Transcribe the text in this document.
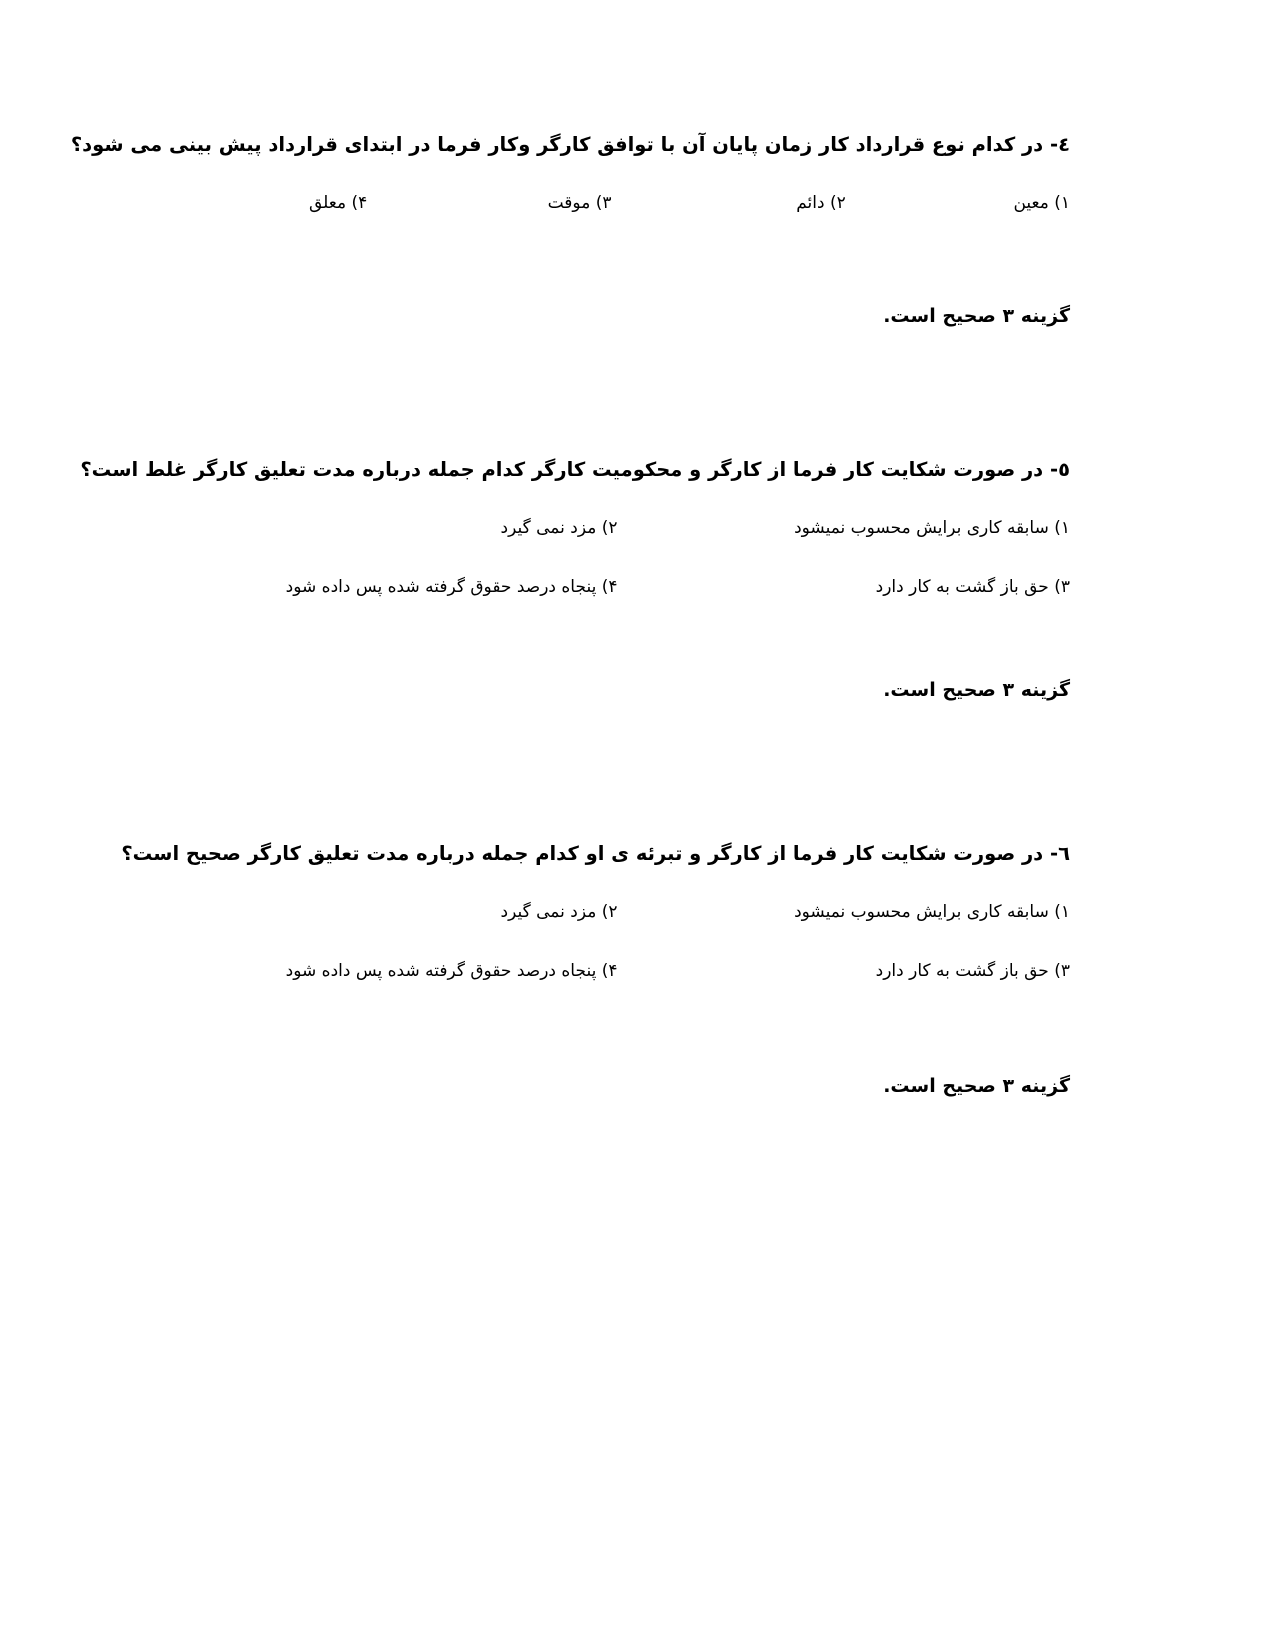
٤- در کدام نوع قرارداد کار زمان پایان آن با توافق کارگر وکار فرما در ابتدای قرارداد پیش بینی می شود؟
۱) معین
۲) دائم
۳) موقت
۴) معلق
گزینه ۳ صحیح است.
٥- در صورت شکایت کار فرما از کارگر و محکومیت کارگر کدام جمله درباره مدت تعلیق کارگر غلط است؟
۱) سابقه کاری برایش محسوب نمیشود
۲) مزد نمی گیرد
۳) حق باز گشت به کار دارد
۴) پنجاه درصد حقوق گرفته شده پس داده شود
گزینه ۳ صحیح است.
٦- در صورت شکایت کار فرما از کارگر و تبرئه ی او کدام جمله درباره مدت تعلیق کارگر صحیح است؟
۱) سابقه کاری برایش محسوب نمیشود
۲) مزد نمی گیرد
۳) حق باز گشت به کار دارد
۴) پنجاه درصد حقوق گرفته شده پس داده شود
گزینه ۳ صحیح است.
